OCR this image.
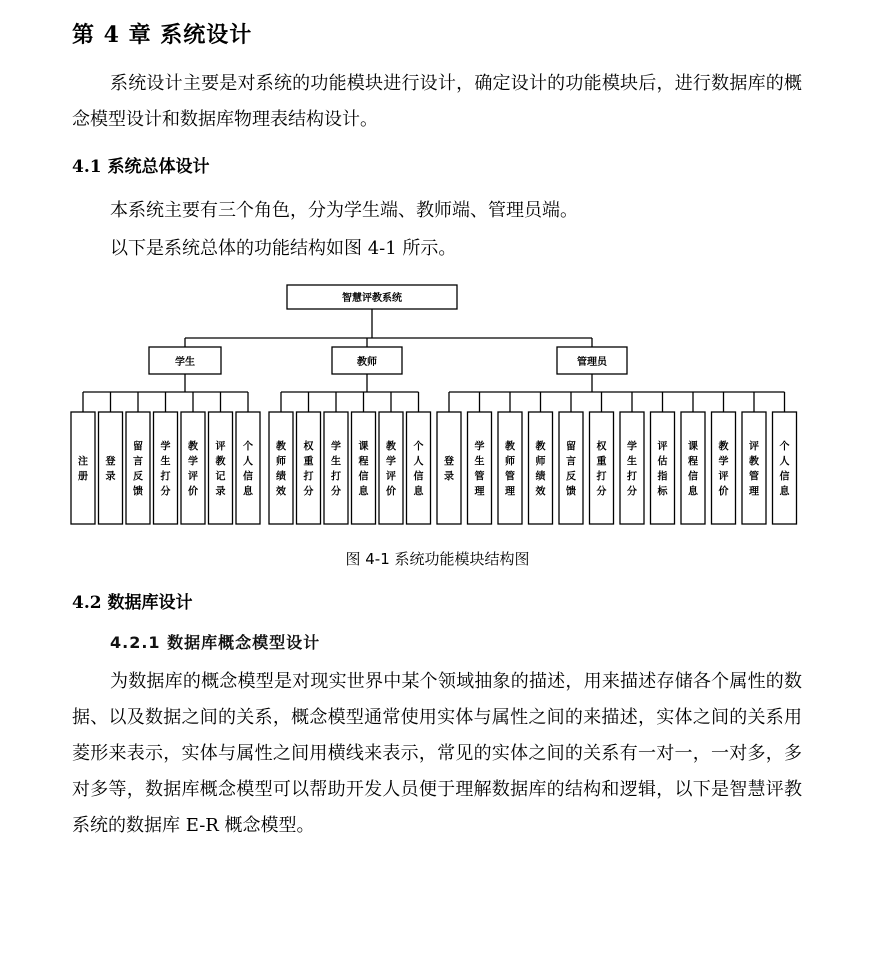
第 4 章 系统设计

系统设计主要是对系统的功能模块进行设计，确定设计的功能模块后，进行数据库的概念模型设计和数据库物理表结构设计。

4.1 系统总体设计

本系统主要有三个角色，分为学生端、教师端、管理员端。

以下是系统总体的功能结构如图 4-1 所示。

智慧评教系统
学生
注册
登录
留言反馈
学生打分
教学评价
评教记录
个人信息
教师
教师绩效
权重打分
学生打分
课程信息
教学评价
个人信息
管理员
登录
学生管理
教师管理
教师绩效
留言反馈
权重打分
学生打分
评估指标
课程信息
教学评价
评教管理
个人信息
图 4-1 系统功能模块结构图
4.2 数据库设计
4.2.1 数据库概念模型设计

为数据库的概念模型是对现实世界中某个领域抽象的描述，用来描述存储各个属性的数据、以及数据之间的关系，概念模型通常使用实体与属性之间的来描述，实体之间的关系用菱形来表示，实体与属性之间用横线来表示，常见的实体之间的关系有一对一，一对多，多对多等，数据库概念模型可以帮助开发人员便于理解数据库的结构和逻辑，以下是智慧评教系统的数据库 E-R 概念模型。
